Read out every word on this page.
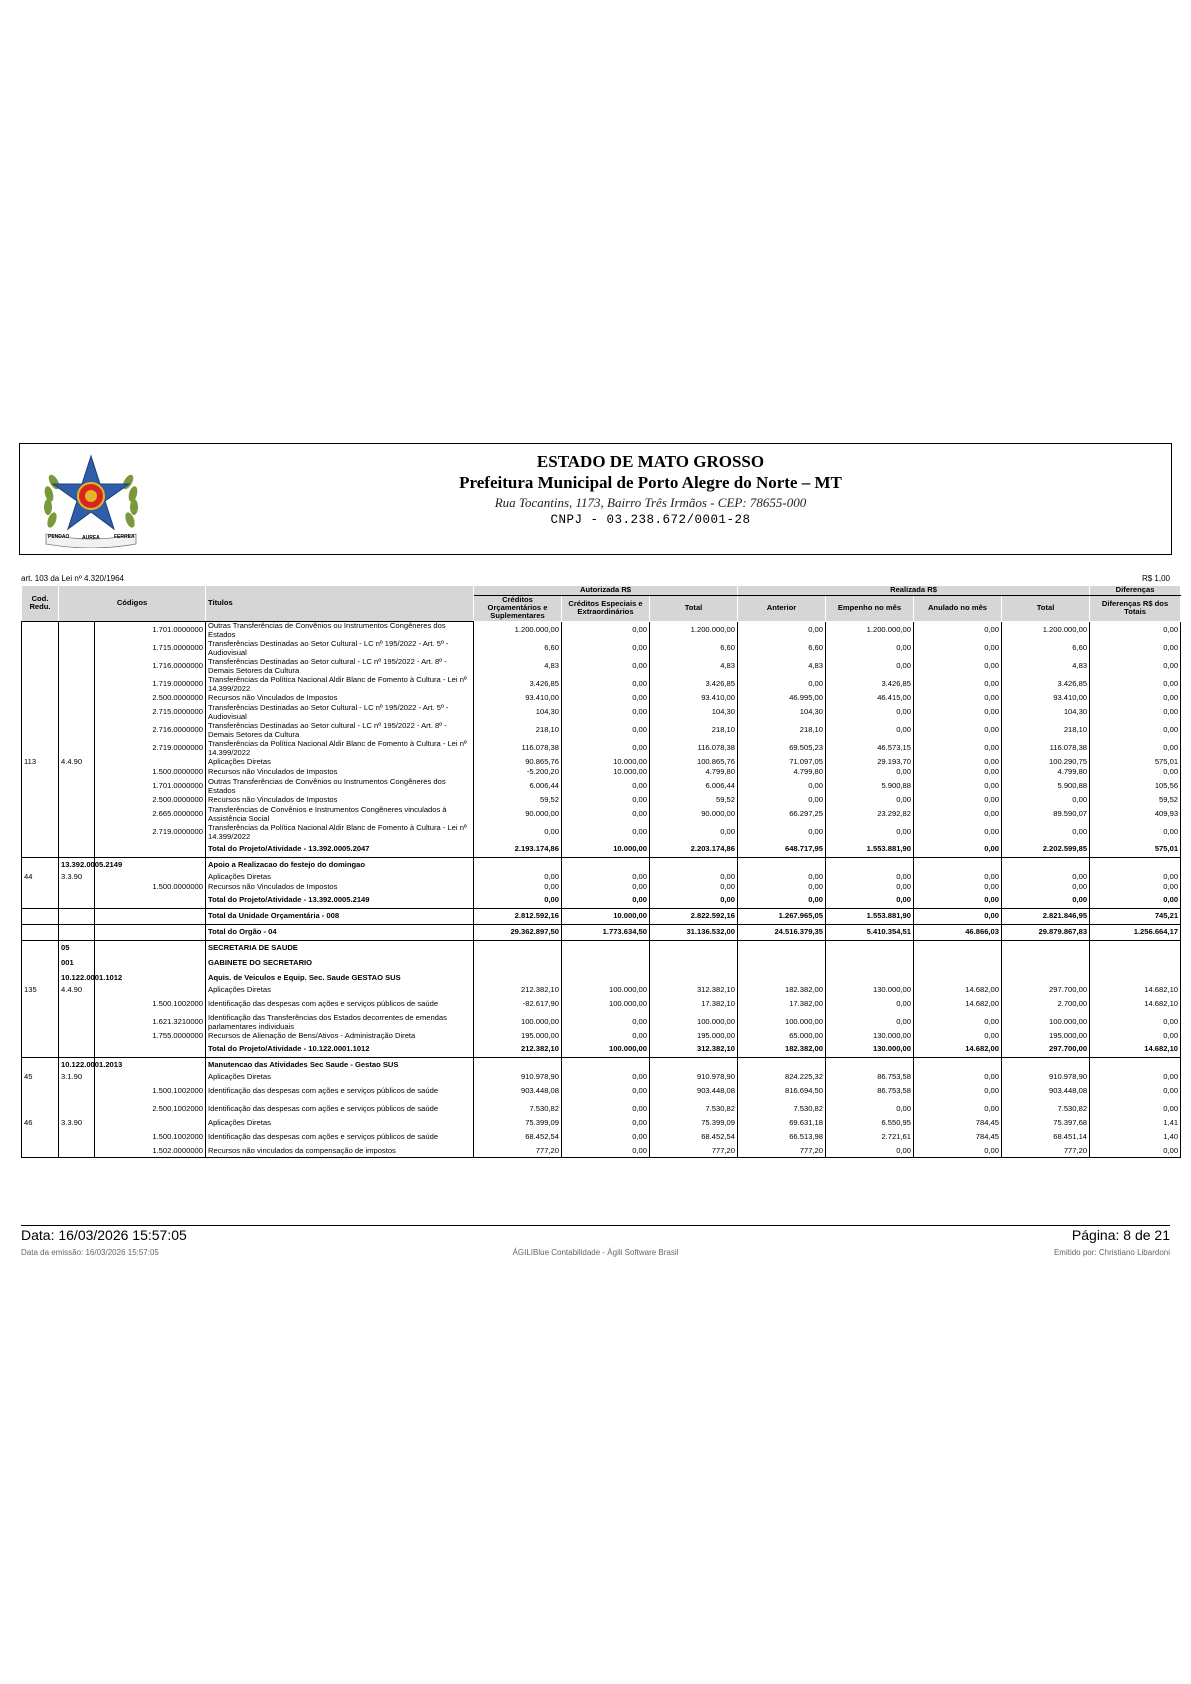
PENDAO	AUREA	FERREA
ESTADO DE MATO GROSSO
Prefeitura Municipal de Porto Alegre do Norte – MT
Rua Tocantins, 1173, Bairro Três Irmãos - CEP: 78655-000
CNPJ - 03.238.672/0001-28
art. 103 da Lei nº 4.320/1964	R$ 1,00
Cod. Redu.	Códigos		Titulos	Autorizada R$			Realizada R$				Diferenças
				Créditos Orçamentários e Suplementares	Créditos Especiais e Extraordinários	Total	Anterior	Empenho no mês	Anulado no mês	Total	Diferenças R$ dos Totais
		1.701.0000000	Outras Transferências de Convênios ou Instrumentos Congêneres dos Estados	1.200.000,00	0,00	1.200.000,00	0,00	1.200.000,00	0,00	1.200.000,00	0,00
		1.715.0000000	Transferências Destinadas ao Setor Cultural - LC nº 195/2022 - Art. 5º - Audiovisual	6,60	0,00	6,60	6,60	0,00	0,00	6,60	0,00
		1.716.0000000	Transferências Destinadas ao Setor cultural - LC nº 195/2022 - Art. 8º - Demais Setores da Cultura	4,83	0,00	4,83	4,83	0,00	0,00	4,83	0,00
		1.719.0000000	Transferências da Política Nacional Aldir Blanc de Fomento à Cultura - Lei nº 14.399/2022	3.426,85	0,00	3.426,85	0,00	3.426,85	0,00	3.426,85	0,00
		2.500.0000000	Recursos não Vinculados de Impostos	93.410,00	0,00	93.410,00	46.995,00	46.415,00	0,00	93.410,00	0,00
		2.715.0000000	Transferências Destinadas ao Setor Cultural - LC nº 195/2022 - Art. 5º - Audiovisual	104,30	0,00	104,30	104,30	0,00	0,00	104,30	0,00
		2.716.0000000	Transferências Destinadas ao Setor cultural - LC nº 195/2022 - Art. 8º - Demais Setores da Cultura	218,10	0,00	218,10	218,10	0,00	0,00	218,10	0,00
		2.719.0000000	Transferências da Política Nacional Aldir Blanc de Fomento à Cultura - Lei nº 14.399/2022	116.078,38	0,00	116.078,38	69.505,23	46.573,15	0,00	116.078,38	0,00
113	4.4.90		Aplicações Diretas	90.865,76	10.000,00	100.865,76	71.097,05	29.193,70	0,00	100.290,75	575,01
		1.500.0000000	Recursos não Vinculados de Impostos	-5.200,20	10.000,00	4.799,80	4.799,80	0,00	0,00	4.799,80	0,00
		1.701.0000000	Outras Transferências de Convênios ou Instrumentos Congêneres dos Estados	6.006,44	0,00	6.006,44	0,00	5.900,88	0,00	5.900,88	105,56
		2.500.0000000	Recursos não Vinculados de Impostos	59,52	0,00	59,52	0,00	0,00	0,00	0,00	59,52
		2.665.0000000	Transferências de Convênios e Instrumentos Congêneres vinculados à Assistência Social	90.000,00	0,00	90.000,00	66.297,25	23.292,82	0,00	89.590,07	409,93
		2.719.0000000	Transferências da Política Nacional Aldir Blanc de Fomento à Cultura - Lei nº 14.399/2022	0,00	0,00	0,00	0,00	0,00	0,00	0,00	0,00
			Total do Projeto/Atividade - 13.392.0005.2047	2.193.174,86	10.000,00	2.203.174,86	648.717,95	1.553.881,90	0,00	2.202.599,85	575,01
	13.392.0005.2149		Apoio a Realizacao do festejo do domingao								
44	3.3.90		Aplicações Diretas	0,00	0,00	0,00	0,00	0,00	0,00	0,00	0,00
		1.500.0000000	Recursos não Vinculados de Impostos	0,00	0,00	0,00	0,00	0,00	0,00	0,00	0,00
			Total do Projeto/Atividade - 13.392.0005.2149	0,00	0,00	0,00	0,00	0,00	0,00	0,00	0,00
			Total da Unidade Orçamentária - 008	2.812.592,16	10.000,00	2.822.592,16	1.267.965,05	1.553.881,90	0,00	2.821.846,95	745,21
			Total do Orgão - 04	29.362.897,50	1.773.634,50	31.136.532,00	24.516.379,35	5.410.354,51	46.866,03	29.879.867,83	1.256.664,17
	05		SECRETARIA DE SAUDE								
	001		GABINETE DO SECRETARIO								
	10.122.0001.1012		Aquis. de Veiculos e Equip. Sec. Saude GESTAO SUS								
135	4.4.90		Aplicações Diretas	212.382,10	100.000,00	312.382,10	182.382,00	130.000,00	14.682,00	297.700,00	14.682,10
		1.500.1002000	Identificação das despesas com ações e serviços públicos de saúde	-82.617,90	100.000,00	17.382,10	17.382,00	0,00	14.682,00	2.700,00	14.682,10
		1.621.3210000	Identificação das Transferências dos Estados decorrentes de emendas parlamentares individuais	100.000,00	0,00	100.000,00	100.000,00	0,00	0,00	100.000,00	0,00
		1.755.0000000	Recursos de Alienação de Bens/Ativos - Administração Direta	195.000,00	0,00	195.000,00	65.000,00	130.000,00	0,00	195.000,00	0,00
			Total do Projeto/Atividade - 10.122.0001.1012	212.382,10	100.000,00	312.382,10	182.382,00	130.000,00	14.682,00	297.700,00	14.682,10
	10.122.0001.2013		Manutencao das Atividades Sec Saude - Gestao SUS								
45	3.1.90		Aplicações Diretas	910.978,90	0,00	910.978,90	824.225,32	86.753,58	0,00	910.978,90	0,00
		1.500.1002000	Identificação das despesas com ações e serviços públicos de saúde	903.448,08	0,00	903.448,08	816.694,50	86.753,58	0,00	903.448,08	0,00
		2.500.1002000	Identificação das despesas com ações e serviços públicos de saúde	7.530,82	0,00	7.530,82	7.530,82	0,00	0,00	7.530,82	0,00
46	3.3.90		Aplicações Diretas	75.399,09	0,00	75.399,09	69.631,18	6.550,95	784,45	75.397,68	1,41
		1.500.1002000	Identificação das despesas com ações e serviços públicos de saúde	68.452,54	0,00	68.452,54	66.513,98	2.721,61	784,45	68.451,14	1,40
		1.502.0000000	Recursos não vinculados da compensação de impostos	777,20	0,00	777,20	777,20	0,00	0,00	777,20	0,00
Data: 16/03/2026 15:57:05	Página: 8 de 21
Data da emissão: 16/03/2026 15:57:05	ÁGILIBlue Contabilidade - Ágili Software Brasil	Emitido por: Christiano Libardoni
